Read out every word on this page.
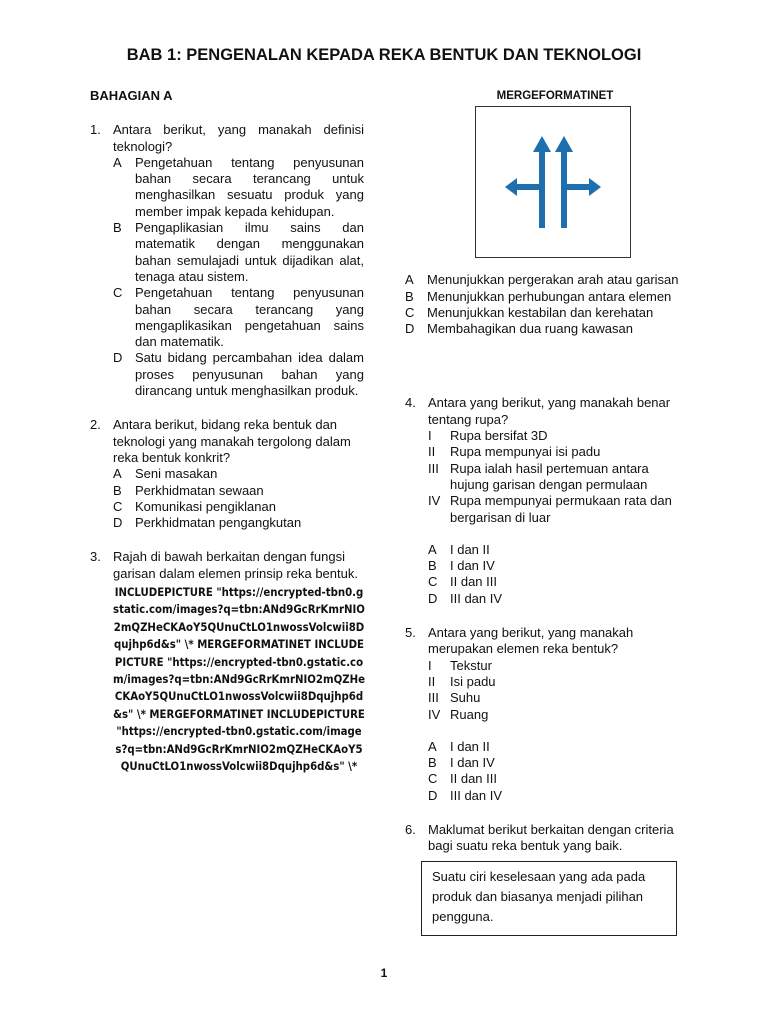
BAB 1: PENGENALAN KEPADA REKA BENTUK DAN TEKNOLOGI
BAHAGIAN A
1. Antara berikut, yang manakah definisi teknologi?
A	Pengetahuan tentang penyusunan bahan secara terancang untuk menghasilkan sesuatu produk yang member impak kepada kehidupan.
B	Pengaplikasian ilmu sains dan matematik dengan menggunakan bahan semulajadi untuk dijadikan alat, tenaga atau sistem.
C Pengetahuan tentang penyusunan bahan secara terancang yang mengaplikasikan pengetahuan sains dan matematik.
D Satu bidang percambahan idea dalam proses penyusunan bahan yang dirancang untuk menghasilkan produk.
2. Antara berikut, bidang reka bentuk dan teknologi yang manakah tergolong dalam reka bentuk konkrit?
A	Seni masakan
B	Perkhidmatan sewaan
C Komunikasi pengiklanan
D Perkhidmatan pengangkutan
3. Rajah di bawah berkaitan dengan fungsi garisan dalam elemen prinsip reka bentuk.
INCLUDEPICTURE "https://encrypted-tbn0.gstatic.com/images?q=tbn:ANd9GcRrKmrNIO2mQZHeCKAoY5QUnuCtLO1nwossVolcwii8Dqujhp6d&s" \* MERGEFORMATINET INCLUDEPICTURE "https://encrypted-tbn0.gstatic.com/images?q=tbn:ANd9GcRrKmrNIO2mQZHeCKAoY5QUnuCtLO1nwossVolcwii8Dqujhp6d&s" \* MERGEFORMATINET INCLUDEPICTURE "https://encrypted-tbn0.gstatic.com/images?q=tbn:ANd9GcRrKmrNIO2mQZHeCKAoY5QUnuCtLO1nwossVolcwii8Dqujhp6d&s" \*
MERGEFORMATINET
A	Menunjukkan pergerakan arah atau garisan
B	Menunjukkan perhubungan antara elemen
C Menunjukkan kestabilan dan kerehatan
D Membahagikan dua ruang kawasan
4. Antara yang berikut, yang manakah benar tentang rupa?
I	Rupa bersifat 3D
II	Rupa mempunyai isi padu
III Rupa ialah hasil pertemuan antara hujung garisan dengan permulaan
IV Rupa mempunyai permukaan rata dan bergarisan di luar
A	I dan II
B	I dan IV
C II dan III
D III dan IV
5. Antara yang berikut, yang manakah merupakan elemen reka bentuk?
I	Tekstur
II	Isi padu
III Suhu
IV Ruang
A	I dan II
B	I dan IV
C II dan III
D III dan IV
6. Maklumat berikut berkaitan dengan criteria bagi suatu reka bentuk yang baik.
Suatu ciri keselesaan yang ada pada produk dan biasanya menjadi pilihan pengguna.
1
